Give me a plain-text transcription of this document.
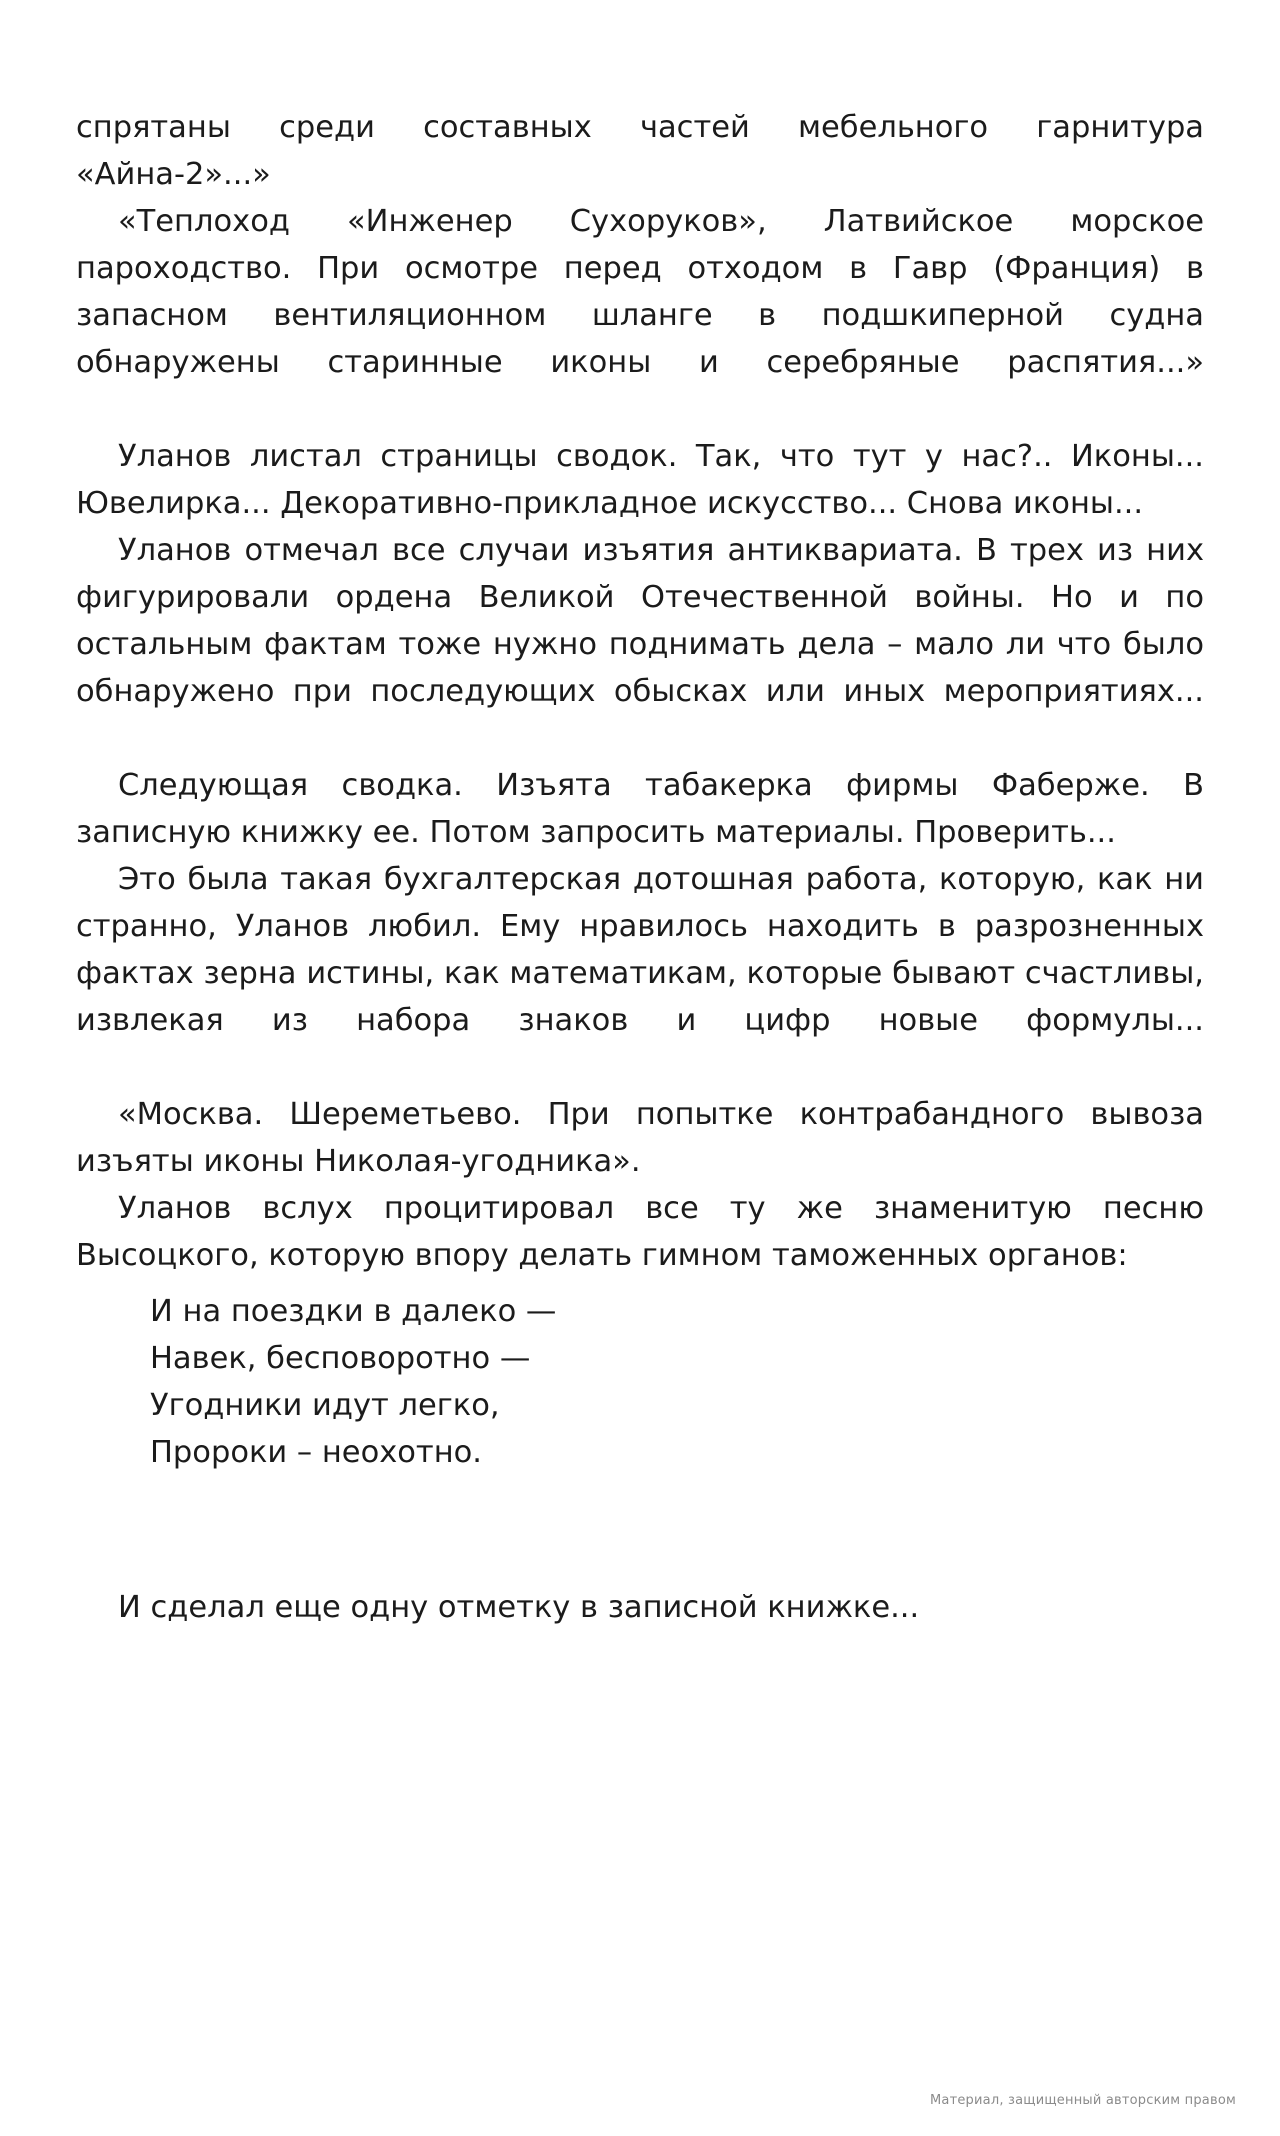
спрятаны среди составных частей мебельного гарнитура «Айна-2»...»

«Теплоход «Инженер Сухоруков», Латвийское морское пароходство. При осмотре перед отходом в Гавр (Франция) в запасном вентиляционном шланге в подшкиперной судна обнаружены старинные иконы и серебряные распятия...»

Уланов листал страницы сводок. Так, что тут у нас?.. Иконы... Ювелирка... Декоративно-прикладное искусство... Снова иконы...

Уланов отмечал все случаи изъятия антиквариата. В трех из них фигурировали ордена Великой Отечественной войны. Но и по остальным фактам тоже нужно поднимать дела – мало ли что было обнаружено при последующих обысках или иных мероприятиях...

Следующая сводка. Изъята табакерка фирмы Фаберже. В записную книжку ее. Потом запросить материалы. Проверить...

Это была такая бухгалтерская дотошная работа, которую, как ни странно, Уланов любил. Ему нравилось находить в разрозненных фактах зерна истины, как математикам, которые бывают счастливы, извлекая из набора знаков и цифр новые формулы...

«Москва. Шереметьево. При попытке контрабандного вывоза изъяты иконы Николая-угодника».

Уланов вслух процитировал все ту же знаменитую песню Высоцкого, которую впору делать гимном таможенных органов:

И на поездки в далеко —
Навек, бесповоротно —
Угодники идут легко,
Пророки – неохотно.

И сделал еще одну отметку в записной книжке...

Материал, защищенный авторским правом
